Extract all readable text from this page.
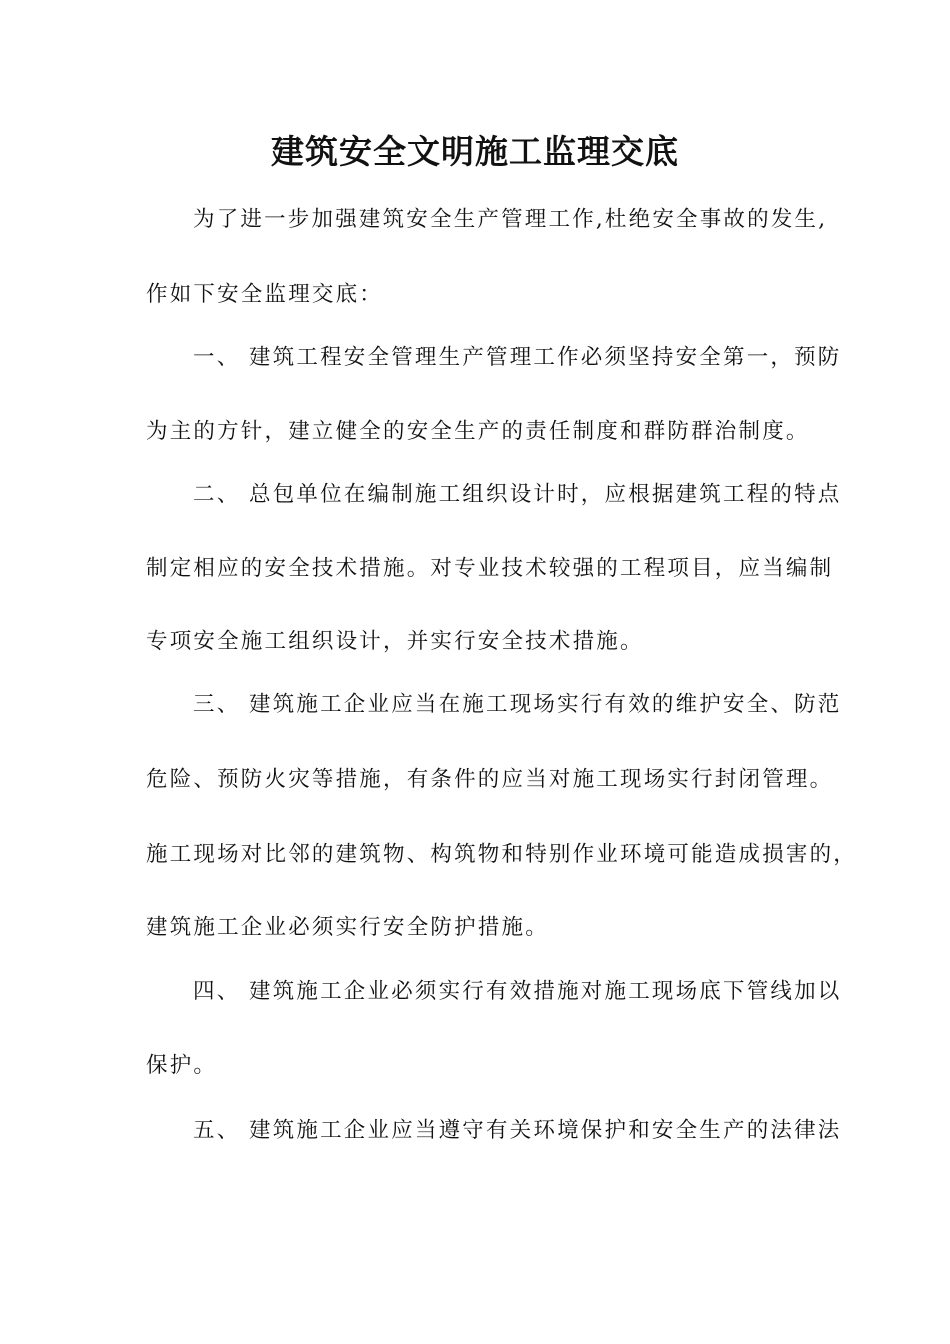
建筑安全文明施工监理交底

为了进一步加强建筑安全生产管理工作,杜绝安全事故的发生,

作如下安全监理交底：

一、 建筑工程安全管理生产管理工作必须坚持安全第一，预防

为主的方针，建立健全的安全生产的责任制度和群防群治制度。

二、 总包单位在编制施工组织设计时，应根据建筑工程的特点

制定相应的安全技术措施。对专业技术较强的工程项目，应当编制

专项安全施工组织设计，并实行安全技术措施。

三、 建筑施工企业应当在施工现场实行有效的维护安全、防范

危险、预防火灾等措施，有条件的应当对施工现场实行封闭管理。

施工现场对比邻的建筑物、构筑物和特别作业环境可能造成损害的，

建筑施工企业必须实行安全防护措施。

四、 建筑施工企业必须实行有效措施对施工现场底下管线加以

保护。

五、 建筑施工企业应当遵守有关环境保护和安全生产的法律法
